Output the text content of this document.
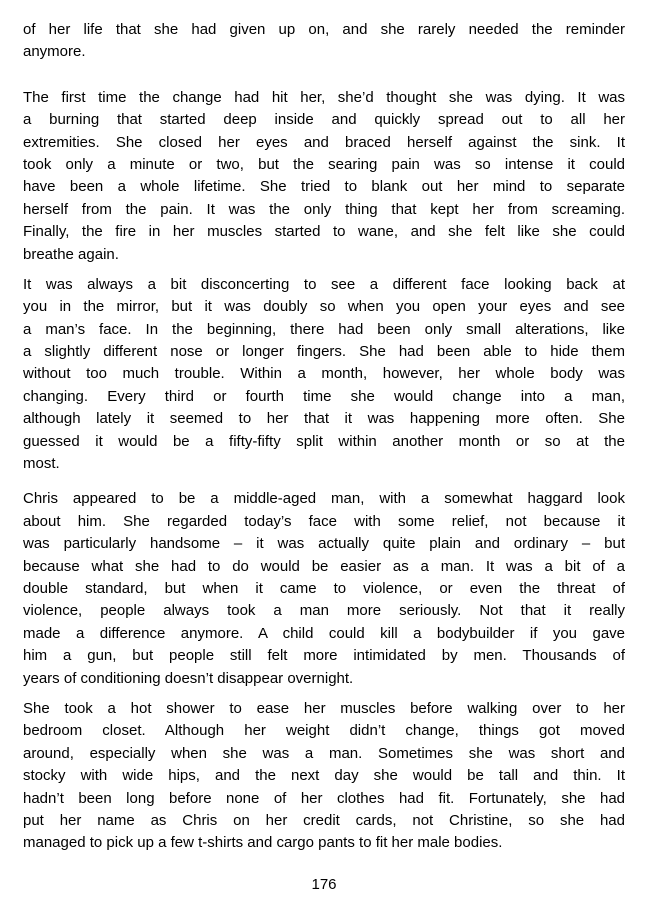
of her life that she had given up on, and she rarely needed the reminder
anymore.
The first time the change had hit her, she’d thought she was dying. It was
a burning that started deep inside and quickly spread out to all her
extremities. She closed her eyes and braced herself against the sink. It
took only a minute or two, but the searing pain was so intense it could
have been a whole lifetime. She tried to blank out her mind to separate
herself from the pain. It was the only thing that kept her from screaming.
Finally, the fire in her muscles started to wane, and she felt like she could
breathe again.
It was always a bit disconcerting to see a different face looking back at
you in the mirror, but it was doubly so when you open your eyes and see
a man’s face. In the beginning, there had been only small alterations, like
a slightly different nose or longer fingers. She had been able to hide them
without too much trouble. Within a month, however, her whole body was
changing. Every third or fourth time she would change into a man,
although lately it seemed to her that it was happening more often. She
guessed it would be a fifty-fifty split within another month or so at the
most.
Chris appeared to be a middle-aged man, with a somewhat haggard look
about him. She regarded today’s face with some relief, not because it
was particularly handsome – it was actually quite plain and ordinary – but
because what she had to do would be easier as a man. It was a bit of a
double standard, but when it came to violence, or even the threat of
violence, people always took a man more seriously. Not that it really
made a difference anymore. A child could kill a bodybuilder if you gave
him a gun, but people still felt more intimidated by men. Thousands of
years of conditioning doesn’t disappear overnight.
She took a hot shower to ease her muscles before walking over to her
bedroom closet. Although her weight didn’t change, things got moved
around, especially when she was a man. Sometimes she was short and
stocky with wide hips, and the next day she would be tall and thin. It
hadn’t been long before none of her clothes had fit. Fortunately, she had
put her name as Chris on her credit cards, not Christine, so she had
managed to pick up a few t-shirts and cargo pants to fit her male bodies.
176
